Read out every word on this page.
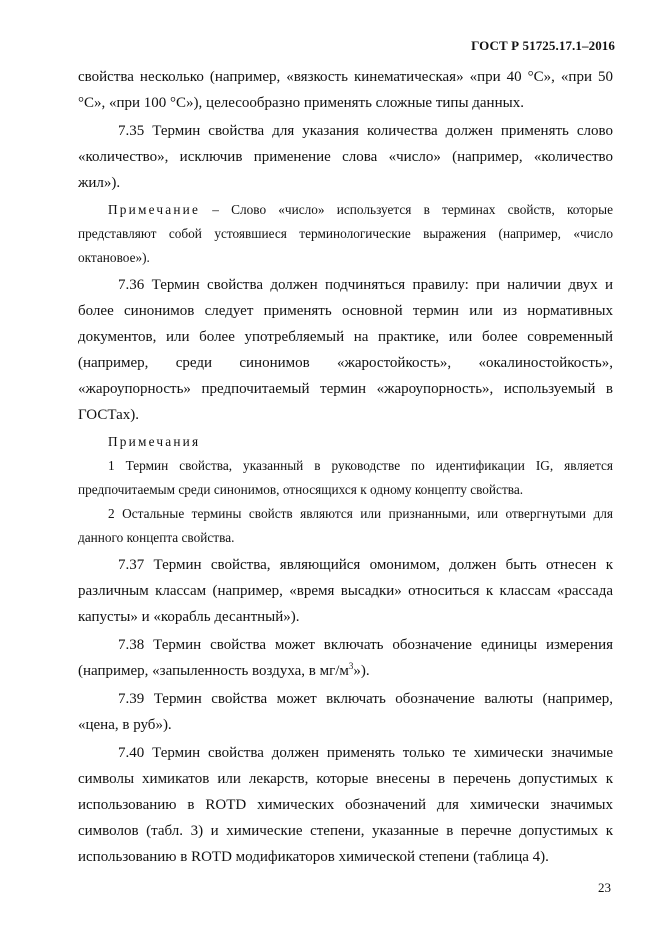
ГОСТ Р 51725.17.1–2016

свойства несколько (например, «вязкость кинематическая» «при 40 °С», «при 50 °С», «при 100 °С»), целесообразно применять сложные типы данных.

7.35 Термин свойства для указания количества должен применять слово «количество», исключив применение слова «число» (например, «количество жил»).

Примечание – Слово «число» используется в терминах свойств, которые представляют собой устоявшиеся терминологические выражения (например, «число октановое»).

7.36 Термин свойства должен подчиняться правилу: при наличии двух и более синонимов следует применять основной термин или из нормативных документов, или более употребляемый на практике, или более современный (например, среди синонимов «жаростойкость», «окалиностойкость», «жароупорность» предпочитаемый термин «жароупорность», используемый в ГОСТах).

Примечания

1 Термин свойства, указанный в руководстве по идентификации IG, является предпочитаемым среди синонимов, относящихся к одному концепту свойства.

2 Остальные термины свойств являются или признанными, или отвергнутыми для данного концепта свойства.

7.37 Термин свойства, являющийся омонимом, должен быть отнесен к различным классам (например, «время высадки» относиться к классам «рассада капусты» и «корабль десантный»).

7.38 Термин свойства может включать обозначение единицы измерения (например, «запыленность воздуха, в $мг/м^3$»).

7.39 Термин свойства может включать обозначение валюты (например, «цена, в руб»).

7.40 Термин свойства должен применять только те химически значимые символы химикатов или лекарств, которые внесены в перечень допустимых к использованию в ROTD химических обозначений для химически значимых символов (табл. 3) и химические степени, указанные в перечне допустимых к использованию в ROTD модификаторов химической степени (таблица 4).

23
